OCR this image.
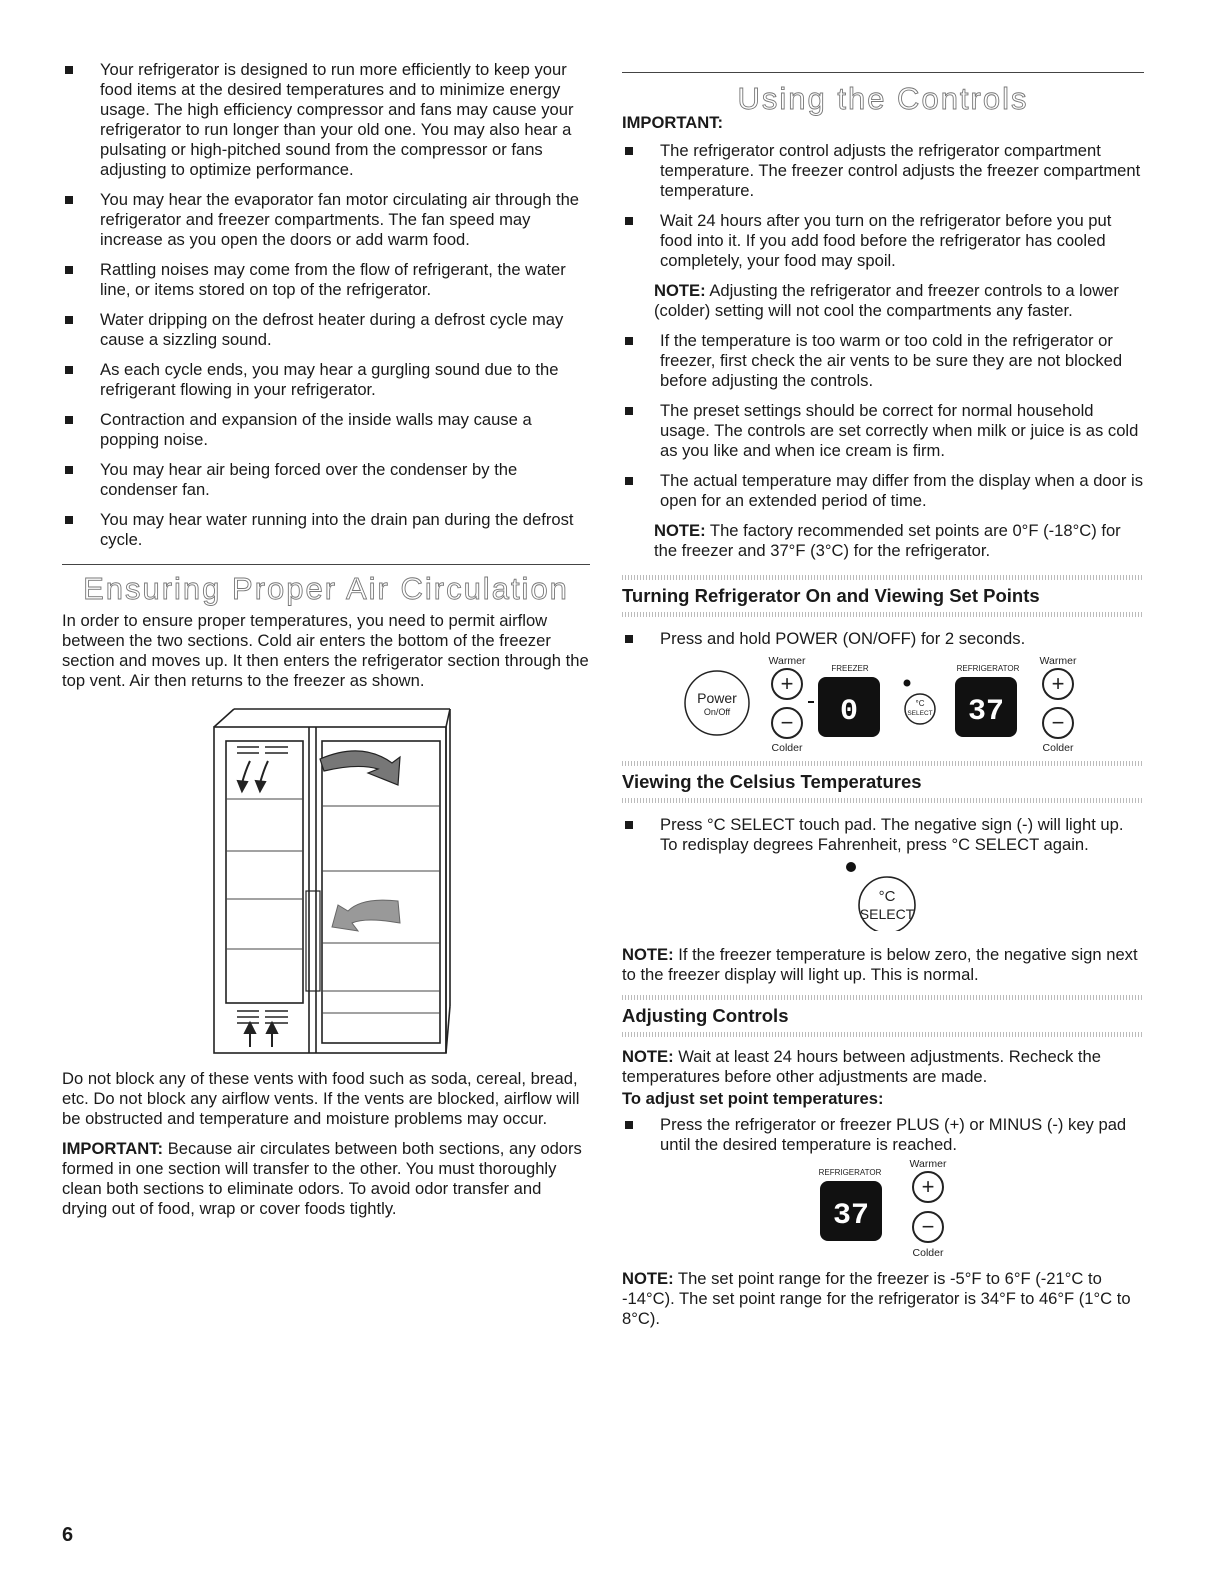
Your refrigerator is designed to run more efficiently to keep your food items at the desired temperatures and to minimize energy usage. The high efficiency compressor and fans may cause your refrigerator to run longer than your old one. You may also hear a pulsating or high-pitched sound from the compressor or fans adjusting to optimize performance.
You may hear the evaporator fan motor circulating air through the refrigerator and freezer compartments. The fan speed may increase as you open the doors or add warm food.
Rattling noises may come from the flow of refrigerant, the water line, or items stored on top of the refrigerator.
Water dripping on the defrost heater during a defrost cycle may cause a sizzling sound.
As each cycle ends, you may hear a gurgling sound due to the refrigerant flowing in your refrigerator.
Contraction and expansion of the inside walls may cause a popping noise.
You may hear air being forced over the condenser by the condenser fan.
You may hear water running into the drain pan during the defrost cycle.
Ensuring Proper Air Circulation

In order to ensure proper temperatures, you need to permit airflow between the two sections. Cold air enters the bottom of the freezer section and moves up. It then enters the refrigerator section through the top vent. Air then returns to the freezer as shown.

Do not block any of these vents with food such as soda, cereal, bread, etc. Do not block any airflow vents. If the vents are blocked, airflow will be obstructed and temperature and moisture problems may occur.

IMPORTANT: Because air circulates between both sections, any odors formed in one section will transfer to the other. You must thoroughly clean both sections to eliminate odors. To avoid odor transfer and drying out of food, wrap or cover foods tightly.

Using the Controls

IMPORTANT:

The refrigerator control adjusts the refrigerator compartment temperature. The freezer control adjusts the freezer compartment temperature.
Wait 24 hours after you turn on the refrigerator before you put food into it. If you add food before the refrigerator has cooled completely, your food may spoil.

NOTE: Adjusting the refrigerator and freezer controls to a lower (colder) setting will not cool the compartments any faster.

If the temperature is too warm or too cold in the refrigerator or freezer, first check the air vents to be sure they are not blocked before adjusting the controls.
The preset settings should be correct for normal household usage. The controls are set correctly when milk or juice is as cold as you like and when ice cream is firm.
The actual temperature may differ from the display when a door is open for an extended period of time.

NOTE: The factory recommended set points are 0°F (-18°C) for the freezer and 37°F (3°C) for the refrigerator.

Turning Refrigerator On and Viewing Set Points
Press and hold POWER (ON/OFF) for 2 seconds.
Warmer
FREEZER	REFRIGERATOR
Warmer
Power
On/Off
+
− 0	°C
SELECT 37
+
−
Colder	Colder
Viewing the Celsius Temperatures
Press °C SELECT touch pad. The negative sign (-) will light up. To redisplay degrees Fahrenheit, press °C SELECT again.
°C
SELECT

NOTE: If the freezer temperature is below zero, the negative sign next to the freezer display will light up. This is normal.

Adjusting Controls

NOTE: Wait at least 24 hours between adjustments. Recheck the temperatures before other adjustments are made.

To adjust set point temperatures:

Press the refrigerator or freezer PLUS (+) or MINUS (-) key pad until the desired temperature is reached.
Warmer
REFRIGERATOR
37
+
−
Colder

NOTE: The set point range for the freezer is -5°F to 6°F (-21°C to -14°C). The set point range for the refrigerator is 34°F to 46°F (1°C to 8°C).

6
